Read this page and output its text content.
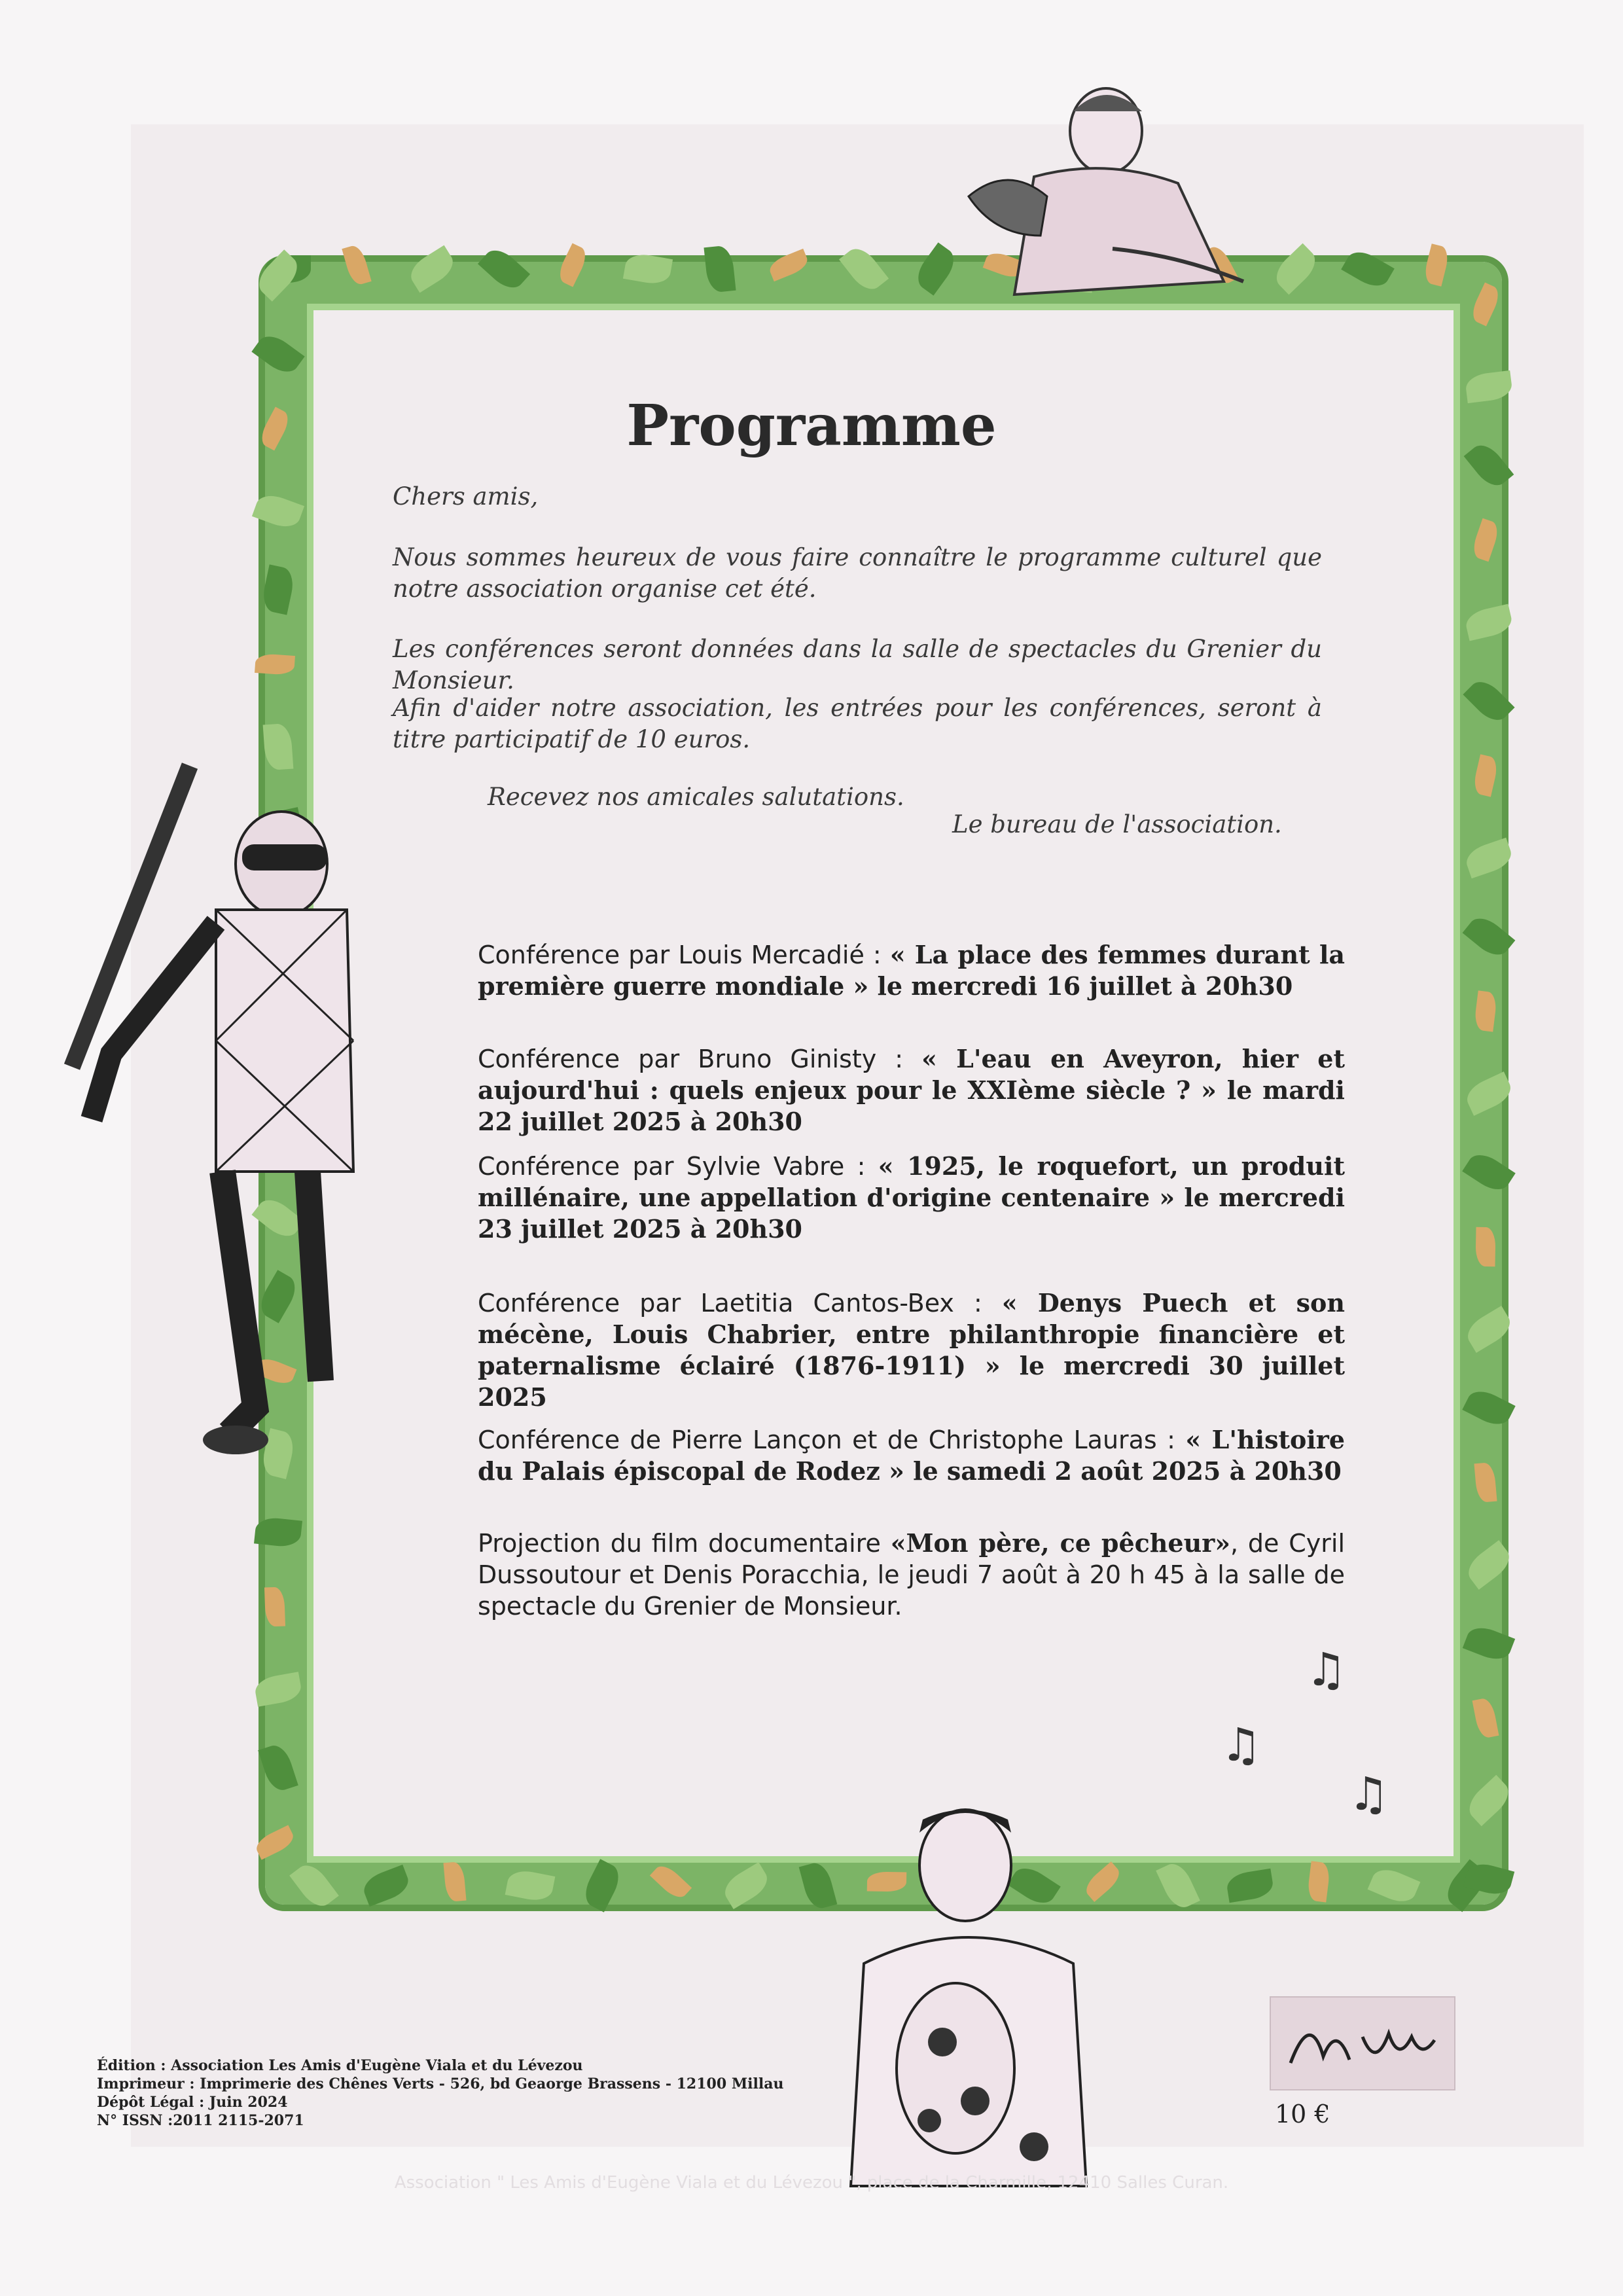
♫
♫
♫
Programme

Chers amis,

Nous sommes heureux de vous faire connaître le programme culturel que notre association organise cet été.

Les conférences seront données dans la salle de spectacles du Grenier du Monsieur.

Afin d'aider notre association, les entrées pour les conférences, seront à titre participatif de 10 euros.

Recevez nos amicales salutations.
Le bureau de l'association.

Conférence par Louis Mercadié : « La place des femmes durant la première guerre mondiale » le mercredi 16 juillet à 20h30

Conférence par Bruno Ginisty : « L'eau en Aveyron, hier et aujourd'hui : quels enjeux pour le XXIème siècle ? » le mardi 22 juillet 2025 à 20h30

Conférence par Sylvie Vabre : « 1925, le roquefort, un produit millénaire, une appellation d'origine centenaire » le mercredi 23 juillet 2025 à 20h30

Conférence par Laetitia Cantos-Bex : « Denys Puech et son mécène, Louis Chabrier, entre philanthropie financière et paternalisme éclairé (1876-1911) » le mercredi 30 juillet 2025

Conférence de Pierre Lançon et de Christophe Lauras : « L'histoire du Palais épiscopal de Rodez » le samedi 2 août 2025 à 20h30

Projection du film documentaire «Mon père, ce pêcheur», de Cyril Dussoutour et Denis Poracchia, le jeudi 7 août à 20 h 45 à la salle de spectacle du Grenier de Monsieur.

Édition : Association Les Amis d'Eugène Viala et du Lévezou
Imprimeur : Imprimerie des Chênes Verts - 526, bd Geaorge Brassens - 12100 Millau
Dépôt Légal : Juin 2024
N° ISSN :2011 2115-2071	10 €
Association " Les Amis d'Eugène Viala et du Lévezou ", place de la Charmille, 12410 Salles Curan.
